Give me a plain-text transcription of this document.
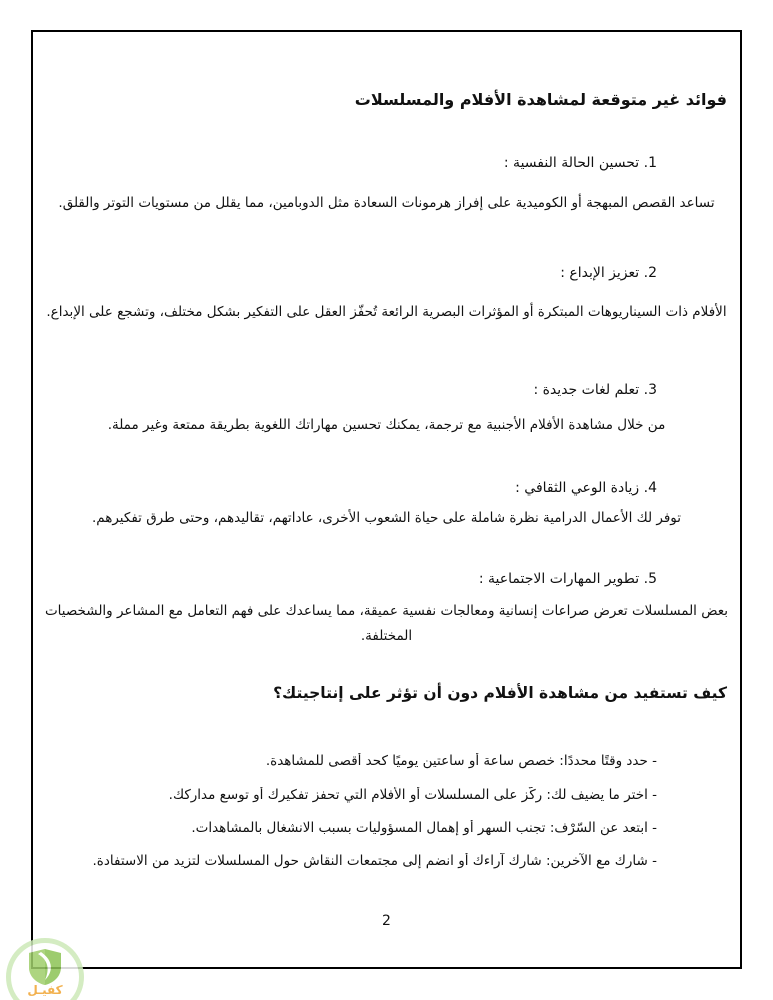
فوائد غير متوقعة لمشاهدة الأفلام والمسلسلات
1. تحسين الحالة النفسية :
تساعد القصص المبهجة أو الكوميدية على إفراز هرمونات السعادة مثل الدوبامين، مما يقلل من مستويات التوتر والقلق.
2. تعزيز الإبداع :
الأفلام ذات السيناريوهات المبتكرة أو المؤثرات البصرية الرائعة تُحفّز العقل على التفكير بشكل مختلف، وتشجع على الإبداع.
3. تعلم لغات جديدة :
من خلال مشاهدة الأفلام الأجنبية مع ترجمة، يمكنك تحسين مهاراتك اللغوية بطريقة ممتعة وغير مملة.
4. زيادة الوعي الثقافي :
توفر لك الأعمال الدرامية نظرة شاملة على حياة الشعوب الأخرى، عاداتهم، تقاليدهم، وحتى طرق تفكيرهم.
5. تطوير المهارات الاجتماعية :
بعض المسلسلات تعرض صراعات إنسانية ومعالجات نفسية عميقة، مما يساعدك على فهم التعامل مع المشاعر والشخصيات المختلفة.
كيف تستفيد من مشاهدة الأفلام دون أن تؤثر على إنتاجيتك؟
- حدد وقتًا محددًا: خصص ساعة أو ساعتين يوميًا كحد أقصى للمشاهدة.
- اختر ما يضيف لك: ركّز على المسلسلات أو الأفلام التي تحفز تفكيرك أو توسع مداركك.
- ابتعد عن السّرْف: تجنب السهر أو إهمال المسؤوليات بسبب الانشغال بالمشاهدات.
- شارك مع الآخرين: شارك آراءك أو انضم إلى مجتمعات النقاش حول المسلسلات لتزيد من الاستفادة.
2
كفيـل
